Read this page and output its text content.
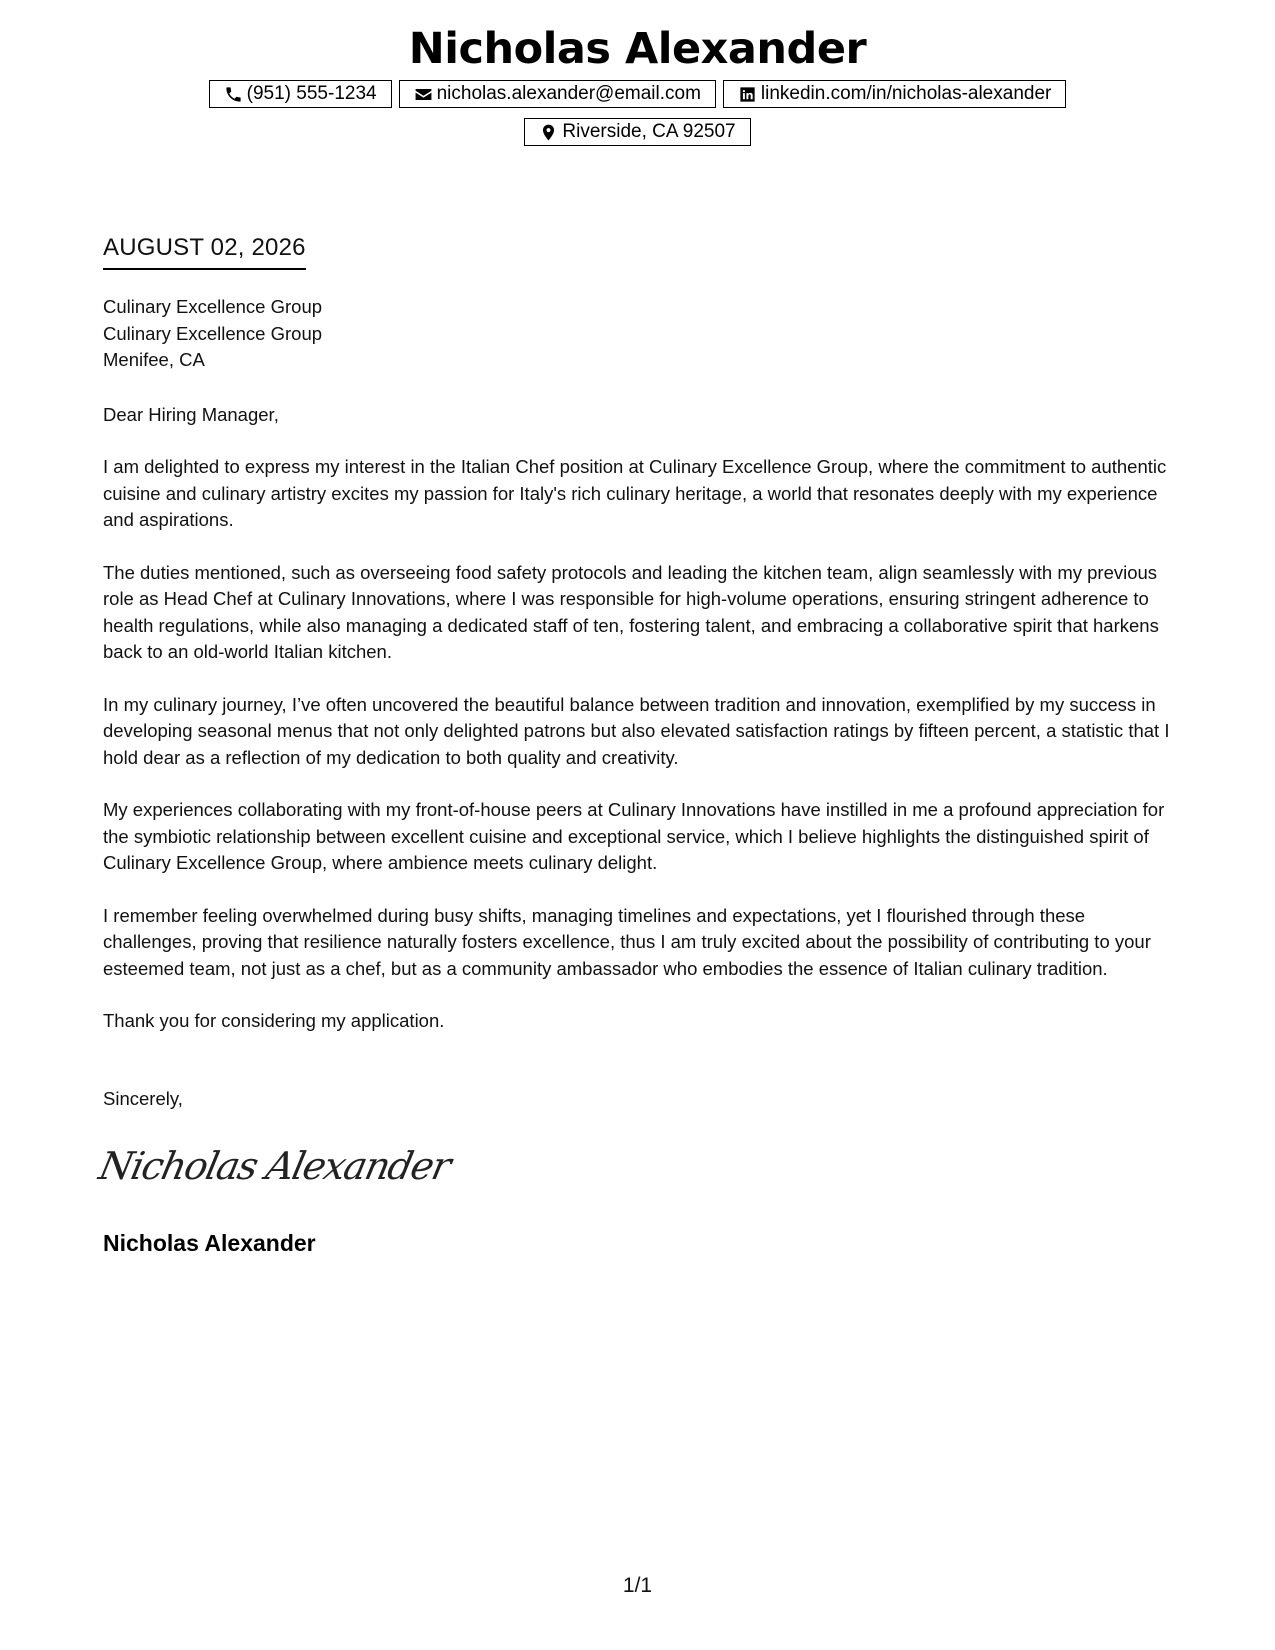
Nicholas Alexander
(951) 555-1234	nicholas.alexander@email.com	linkedin.com/in/nicholas-alexander
Riverside, CA 92507
AUGUST 02, 2026
Culinary Excellence Group
Culinary Excellence Group
Menifee, CA
Dear Hiring Manager,

I am delighted to express my interest in the Italian Chef position at Culinary Excellence Group, where the commitment to authentic cuisine and culinary artistry excites my passion for Italy's rich culinary heritage, a world that resonates deeply with my experience and aspirations.

The duties mentioned, such as overseeing food safety protocols and leading the kitchen team, align seamlessly with my previous role as Head Chef at Culinary Innovations, where I was responsible for high-volume operations, ensuring stringent adherence to health regulations, while also managing a dedicated staff of ten, fostering talent, and embracing a collaborative spirit that harkens back to an old-world Italian kitchen.

In my culinary journey, I’ve often uncovered the beautiful balance between tradition and innovation, exemplified by my success in developing seasonal menus that not only delighted patrons but also elevated satisfaction ratings by fifteen percent, a statistic that I hold dear as a reflection of my dedication to both quality and creativity.

My experiences collaborating with my front-of-house peers at Culinary Innovations have instilled in me a profound appreciation for the symbiotic relationship between excellent cuisine and exceptional service, which I believe highlights the distinguished spirit of Culinary Excellence Group, where ambience meets culinary delight.

I remember feeling overwhelmed during busy shifts, managing timelines and expectations, yet I flourished through these challenges, proving that resilience naturally fosters excellence, thus I am truly excited about the possibility of contributing to your esteemed team, not just as a chef, but as a community ambassador who embodies the essence of Italian culinary tradition.

Thank you for considering my application.
Sincerely,
Nicholas Alexander
Nicholas Alexander
1/1
